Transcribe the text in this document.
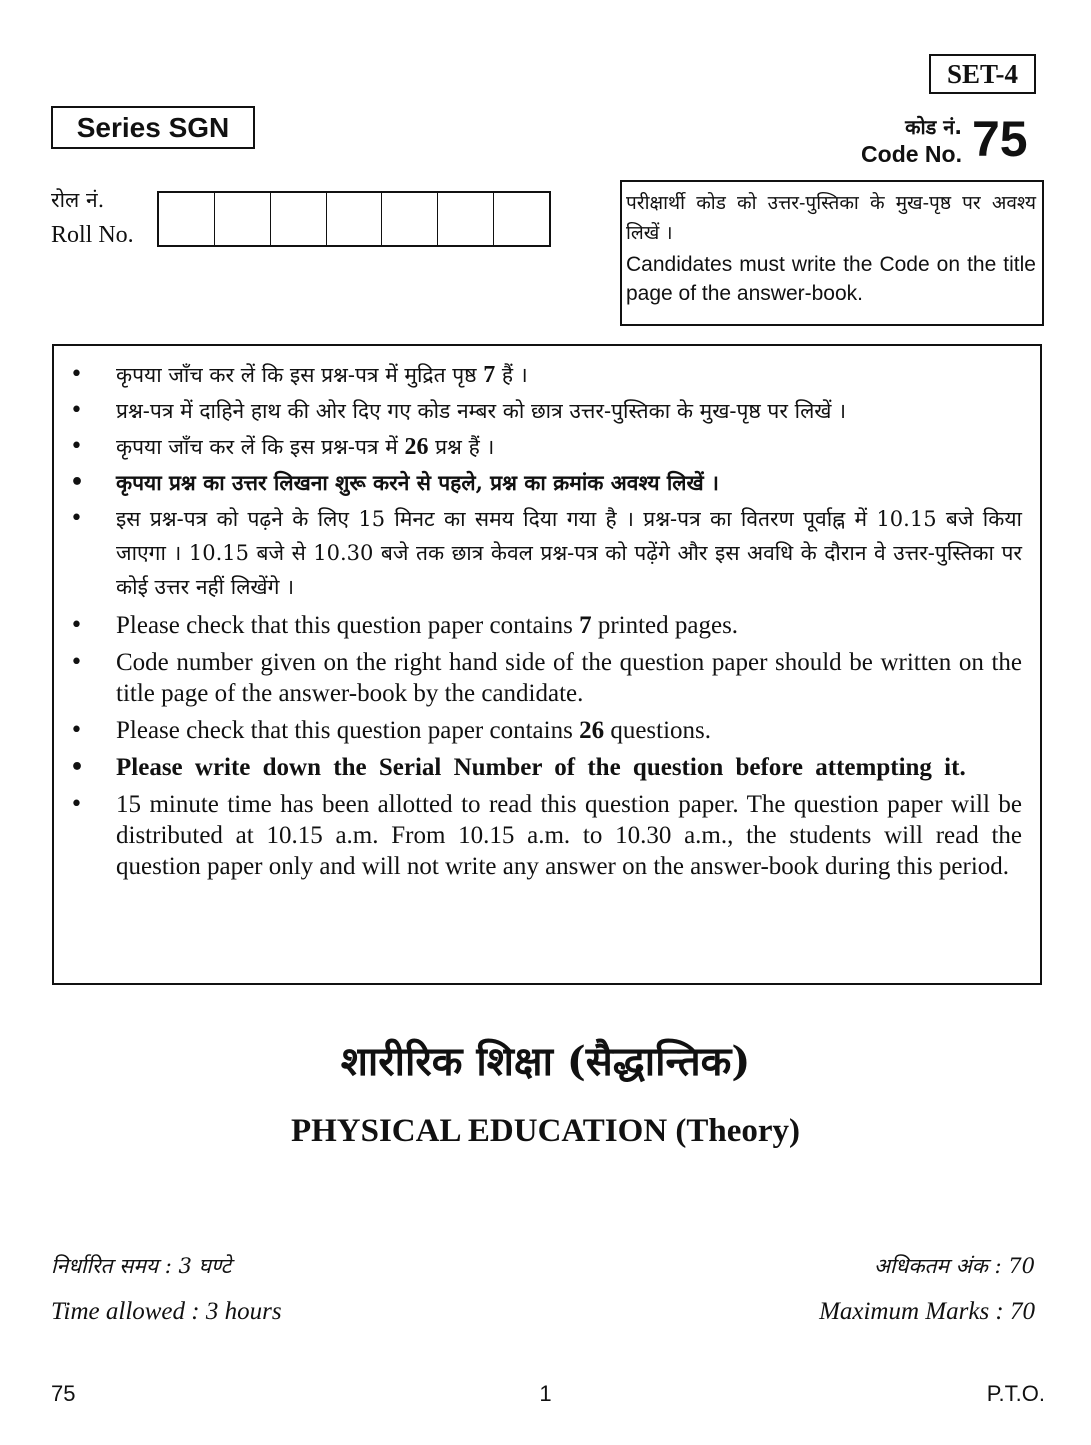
SET-4
Series SGN	कोड नं.
Code No. 75
रोल नं.
Roll No.
परीक्षार्थी कोड को उत्तर-पुस्तिका के मुख-पृष्ठ पर अवश्य लिखें ।
Candidates must write the Code on the title page of the answer-book.
• कृपया जाँच कर लें कि इस प्रश्न-पत्र में मुद्रित पृष्ठ 7 हैं ।
• प्रश्न-पत्र में दाहिने हाथ की ओर दिए गए कोड नम्बर को छात्र उत्तर-पुस्तिका के मुख-पृष्ठ पर लिखें ।
• कृपया जाँच कर लें कि इस प्रश्न-पत्र में 26 प्रश्न हैं ।
• कृपया प्रश्न का उत्तर लिखना शुरू करने से पहले, प्रश्न का क्रमांक अवश्य लिखें ।
• इस प्रश्न-पत्र को पढ़ने के लिए 15 मिनट का समय दिया गया है । प्रश्न-पत्र का वितरण पूर्वाह्न में 10.15 बजे किया जाएगा । 10.15 बजे से 10.30 बजे तक छात्र केवल प्रश्न-पत्र को पढ़ेंगे और इस अवधि के दौरान वे उत्तर-पुस्तिका पर कोई उत्तर नहीं लिखेंगे ।
• Please check that this question paper contains 7 printed pages.
• Code number given on the right hand side of the question paper should be written on the title page of the answer-book by the candidate.
• Please check that this question paper contains 26 questions.
• Please write down the Serial Number of the question before attempting it.
• 15 minute time has been allotted to read this question paper. The question paper will be distributed at 10.15 a.m. From 10.15 a.m. to 10.30 a.m., the students will read the question paper only and will not write any answer on the answer-book during this period.
शारीरिक शिक्षा (सैद्धान्तिक)
PHYSICAL EDUCATION (Theory)
निर्धारित समय : 3 घण्टे
Time allowed : 3 hours
अधिकतम अंक : 70
Maximum Marks : 70
75	1	P.T.O.
